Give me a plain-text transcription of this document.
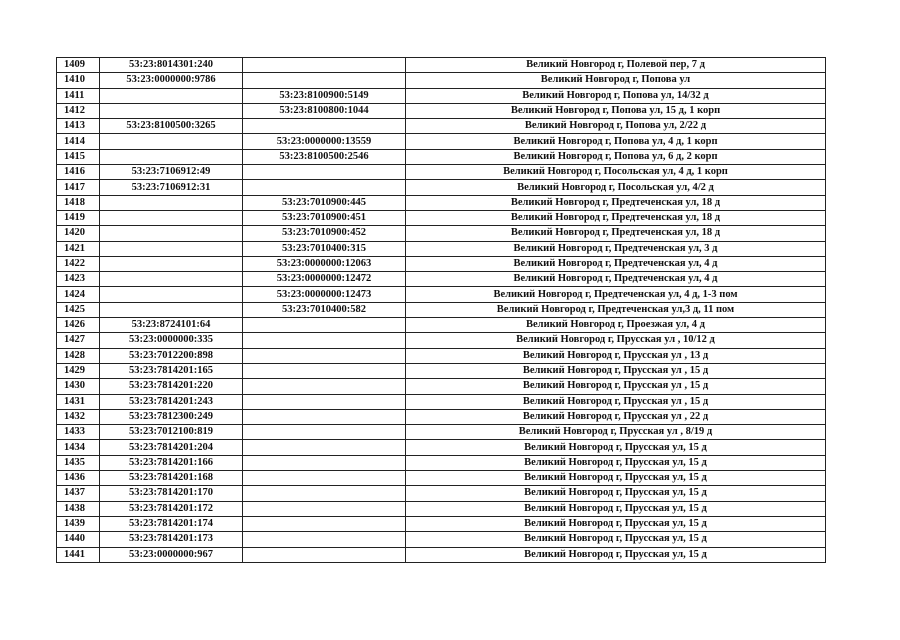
1409	53:23:8014301:240		Великий Новгород г, Полевой пер, 7 д
1410	53:23:0000000:9786		Великий Новгород г, Попова ул
1411		53:23:8100900:5149	Великий Новгород г, Попова ул, 14/32 д
1412		53:23:8100800:1044	Великий Новгород г, Попова ул, 15 д, 1 корп
1413	53:23:8100500:3265		Великий Новгород г, Попова ул, 2/22 д
1414		53:23:0000000:13559	Великий Новгород г, Попова ул, 4 д, 1 корп
1415		53:23:8100500:2546	Великий Новгород г, Попова ул, 6 д, 2 корп
1416	53:23:7106912:49		Великий Новгород г, Посольская ул, 4 д, 1 корп
1417	53:23:7106912:31		Великий Новгород г, Посольская ул, 4/2 д
1418		53:23:7010900:445	Великий Новгород г, Предтеченская ул, 18 д
1419		53:23:7010900:451	Великий Новгород г, Предтеченская ул, 18 д
1420		53:23:7010900:452	Великий Новгород г, Предтеченская ул, 18 д
1421		53:23:7010400:315	Великий Новгород г, Предтеченская ул, 3 д
1422		53:23:0000000:12063	Великий Новгород г, Предтеченская ул, 4 д
1423		53:23:0000000:12472	Великий Новгород г, Предтеченская ул, 4 д
1424		53:23:0000000:12473	Великий Новгород г, Предтеченская ул, 4 д, 1-3 пом
1425		53:23:7010400:582	Великий Новгород г, Предтеченская ул,3 д, 11 пом
1426	53:23:8724101:64		Великий Новгород г, Проезжая ул, 4 д
1427	53:23:0000000:335		Великий Новгород г, Прусская ул , 10/12 д
1428	53:23:7012200:898		Великий Новгород г, Прусская ул , 13 д
1429	53:23:7814201:165		Великий Новгород г, Прусская ул , 15 д
1430	53:23:7814201:220		Великий Новгород г, Прусская ул , 15 д
1431	53:23:7814201:243		Великий Новгород г, Прусская ул , 15 д
1432	53:23:7812300:249		Великий Новгород г, Прусская ул , 22 д
1433	53:23:7012100:819		Великий Новгород г, Прусская ул , 8/19 д
1434	53:23:7814201:204		Великий Новгород г, Прусская ул, 15 д
1435	53:23:7814201:166		Великий Новгород г, Прусская ул, 15 д
1436	53:23:7814201:168		Великий Новгород г, Прусская ул, 15 д
1437	53:23:7814201:170		Великий Новгород г, Прусская ул, 15 д
1438	53:23:7814201:172		Великий Новгород г, Прусская ул, 15 д
1439	53:23:7814201:174		Великий Новгород г, Прусская ул, 15 д
1440	53:23:7814201:173		Великий Новгород г, Прусская ул, 15 д
1441	53:23:0000000:967		Великий Новгород г, Прусская ул, 15 д
